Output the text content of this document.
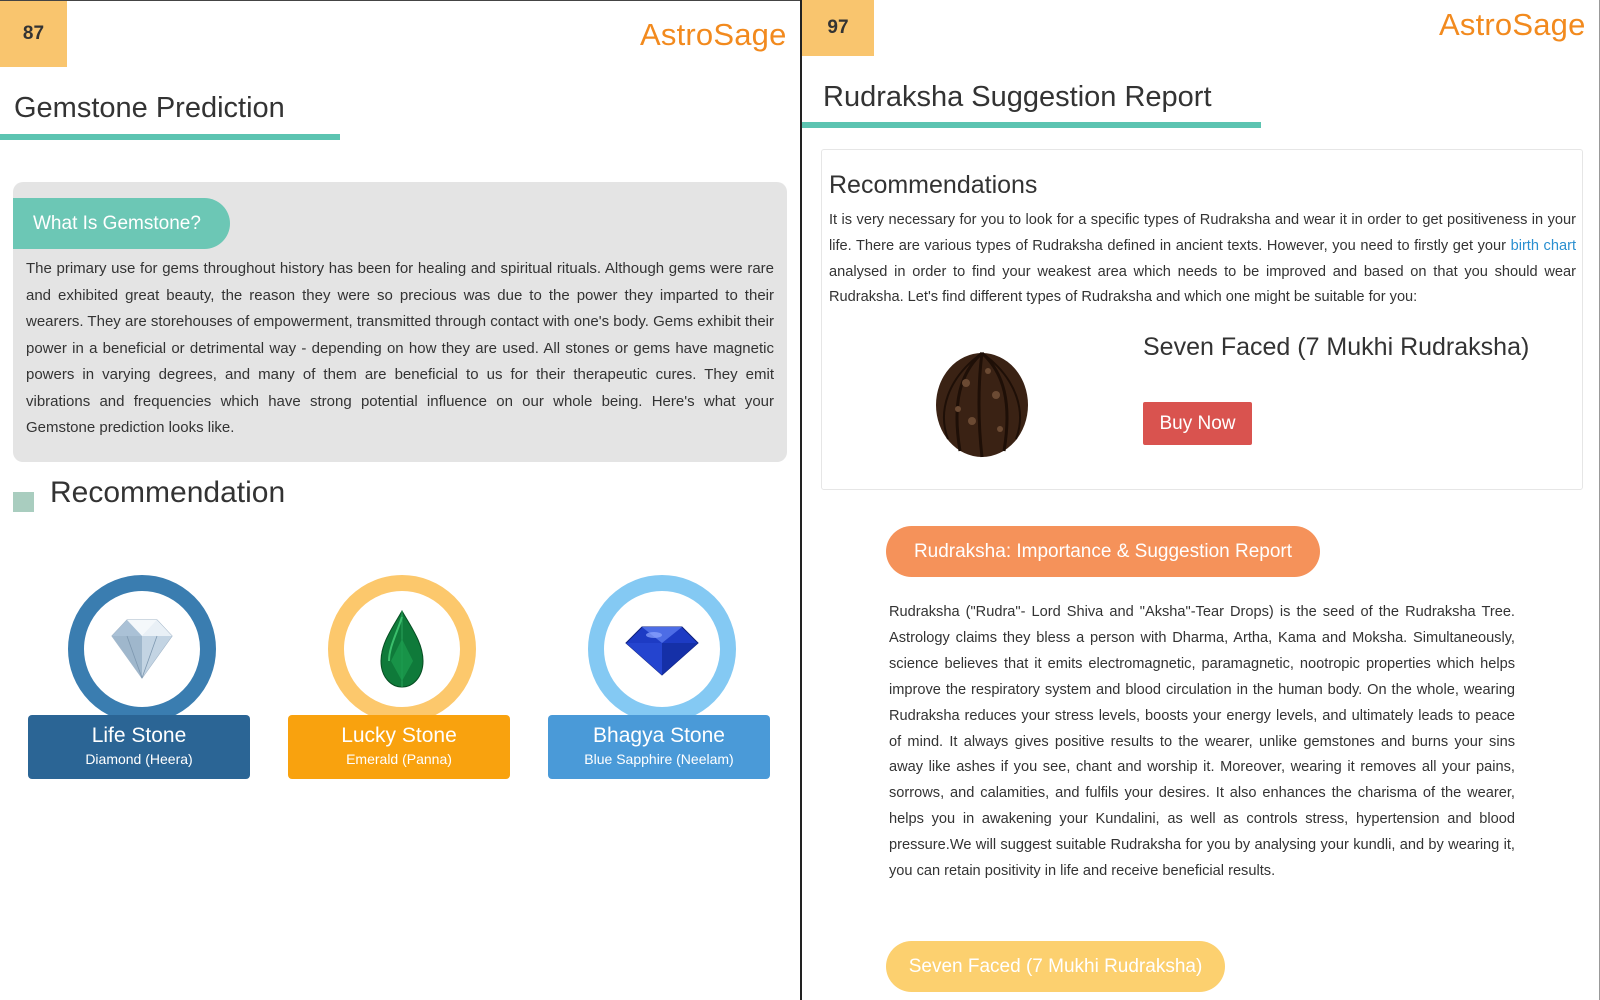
87	AstroSage
Gemstone Prediction
What Is Gemstone?

The primary use for gems throughout history has been for healing and spiritual rituals. Although gems were rare and exhibited great beauty, the reason they were so precious was due to the power they imparted to their wearers. They are storehouses of empowerment, transmitted through contact with one's body. Gems exhibit their power in a beneficial or detrimental way - depending on how they are used. All stones or gems have magnetic powers in varying degrees, and many of them are beneficial to us for their therapeutic cures. They emit vibrations and frequencies which have strong potential influence on our whole being. Here's what your Gemstone prediction looks like.

Recommendation
Life Stone
Diamond (Heera)
Lucky Stone
Emerald (Panna)
Bhagya Stone
Blue Sapphire (Neelam)
97	AstroSage
Rudraksha Suggestion Report
Recommendations

It is very necessary for you to look for a specific types of Rudraksha and wear it in order to get positiveness in your life. There are various types of Rudraksha defined in ancient texts. However, you need to firstly get your birth chart analysed in order to find your weakest area which needs to be improved and based on that you should wear Rudraksha. Let's find different types of Rudraksha and which one might be suitable for you:

Seven Faced (7 Mukhi Rudraksha)
Buy Now
Rudraksha: Importance & Suggestion Report

Rudraksha ("Rudra"- Lord Shiva and "Aksha"-Tear Drops) is the seed of the Rudraksha Tree. Astrology claims they bless a person with Dharma, Artha, Kama and Moksha. Simultaneously, science believes that it emits electromagnetic, paramagnetic, nootropic properties which helps improve the respiratory system and blood circulation in the human body. On the whole, wearing Rudraksha reduces your stress levels, boosts your energy levels, and ultimately leads to peace of mind. It always gives positive results to the wearer, unlike gemstones and burns your sins away like ashes if you see, chant and worship it. Moreover, wearing it removes all your pains, sorrows, and calamities, and fulfils your desires. It also enhances the charisma of the wearer, helps you in awakening your Kundalini, as well as controls stress, hypertension and blood pressure.We will suggest suitable Rudraksha for you by analysing your kundli, and by wearing it, you can retain positivity in life and receive beneficial results.

Seven Faced (7 Mukhi Rudraksha)
